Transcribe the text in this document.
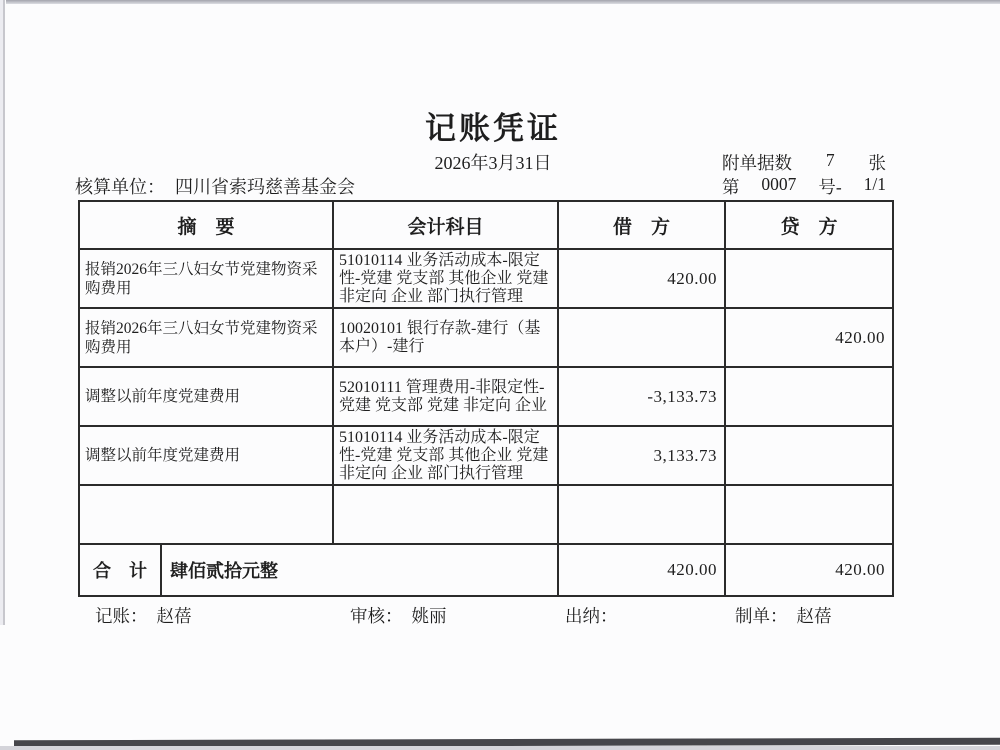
记账凭证
2026年3月31日	附单据数 7 张
第 0007 号- 1/1
核算单位： 四川省索玛慈善基金会
摘　要		会计科目	借　方	贷　方
报销2026年三八妇女节党建物资采购费用		51010114 业务活动成本-限定性-党建 党支部 其他企业 党建 非定向 企业 部门执行管理	420.00	
报销2026年三八妇女节党建物资采购费用		10020101 银行存款-建行（基本户）-建行		420.00
调整以前年度党建费用		52010111 管理费用-非限定性-党建 党支部 党建 非定向 企业	-3,133.73	
调整以前年度党建费用		51010114 业务活动成本-限定性-党建 党支部 其他企业 党建 非定向 企业 部门执行管理	3,133.73	

合　计	肆佰贰拾元整		420.00	420.00
记账： 赵蓓	审核： 姚丽	出纳：	制单： 赵蓓
